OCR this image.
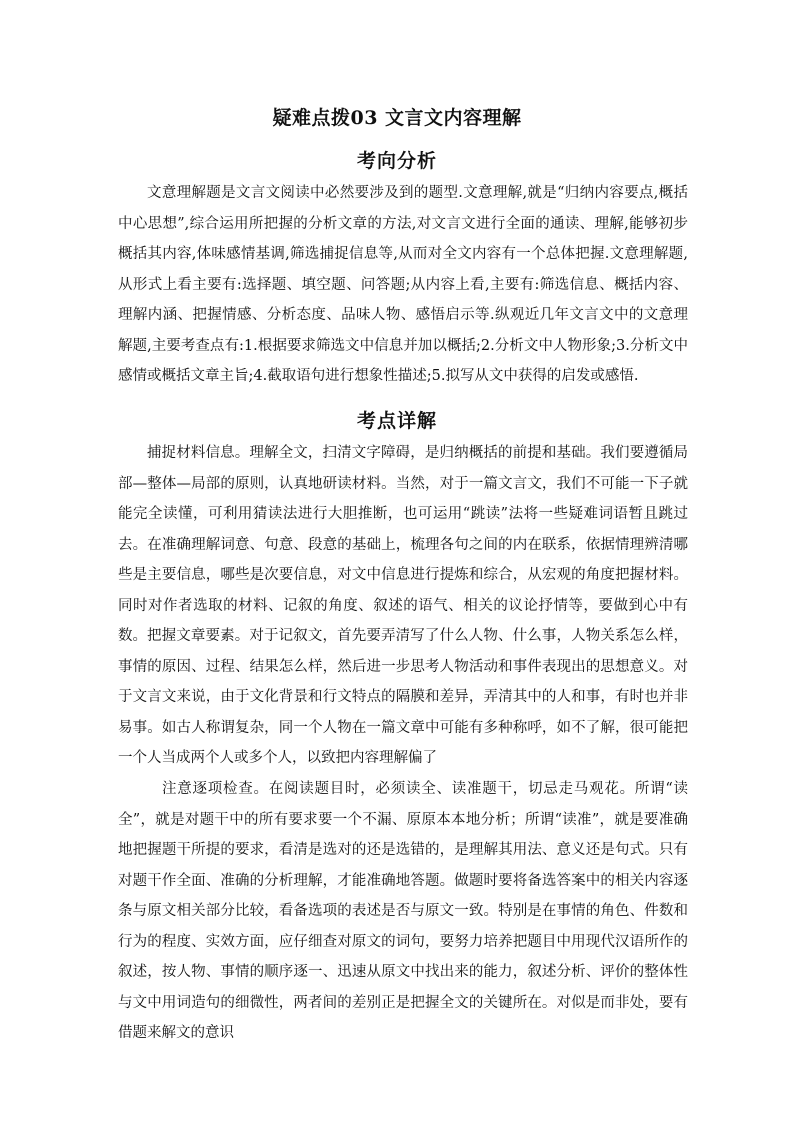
疑难点拨03 文言文内容理解
考向分析

文意理解题是文言文阅读中必然要涉及到的题型.文意理解,就是“归纳内容要点,概括中心思想”,综合运用所把握的分析文章的方法,对文言文进行全面的通读、理解,能够初步概括其内容,体味感情基调,筛选捕捉信息等,从而对全文内容有一个总体把握.文意理解题,从形式上看主要有:选择题、填空题、问答题;从内容上看,主要有:筛选信息、概括内容、理解内涵、把握情感、分析态度、品味人物、感悟启示等.纵观近几年文言文中的文意理解题,主要考查点有:1.根据要求筛选文中信息并加以概括;2.分析文中人物形象;3.分析文中感情或概括文章主旨;4.截取语句进行想象性描述;5.拟写从文中获得的启发或感悟.

考点详解

捕捉材料信息。理解全文，扫清文字障碍，是归纳概括的前提和基础。我们要遵循局部—整体—局部的原则，认真地研读材料。当然，对于一篇文言文，我们不可能一下子就能完全读懂，可利用猜读法进行大胆推断，也可运用“跳读”法将一些疑难词语暂且跳过去。在准确理解词意、句意、段意的基础上，梳理各句之间的内在联系，依据情理辨清哪些是主要信息，哪些是次要信息，对文中信息进行提炼和综合，从宏观的角度把握材料。同时对作者选取的材料、记叙的角度、叙述的语气、相关的议论抒情等，要做到心中有数。 把握文章要素。对于记叙文，首先要弄清写了什么人物、什么事，人物关系怎么样，事情的原因、过程、结果怎么样，然后进一步思考人物活动和事件表现出的思想意义。对于文言文来说，由于文化背景和行文特点的隔膜和差异，弄清其中的人和事，有时也并非易事。如古人称谓复杂，同一个人物在一篇文章中可能有多种称呼，如不了解，很可能把一个人当成两个人或多个人，以致把内容理解偏了

注意逐项检查。在阅读题目时，必须读全、读准题干，切忌走马观花。所谓“读全”，就是对题干中的所有要求要一个不漏、原原本本地分析；所谓“读准”，就是要准确地把握题干所提的要求，看清是选对的还是选错的，是理解其用法、意义还是句式。只有对题干作全面、准确的分析理解，才能准确地答题。做题时要将备选答案中的相关内容逐条与原文相关部分比较，看备选项的表述是否与原文一致。特别是在事情的角色、件数和行为的程度、实效方面，应仔细查对原文的词句，要努力培养把题目中用现代汉语所作的叙述，按人物、事情的顺序逐一、迅速从原文中找出来的能力，叙述分析、评价的整体性与文中用词造句的细微性，两者间的差别正是把握全文的关键所在。对似是而非处，要有借题来解文的意识
